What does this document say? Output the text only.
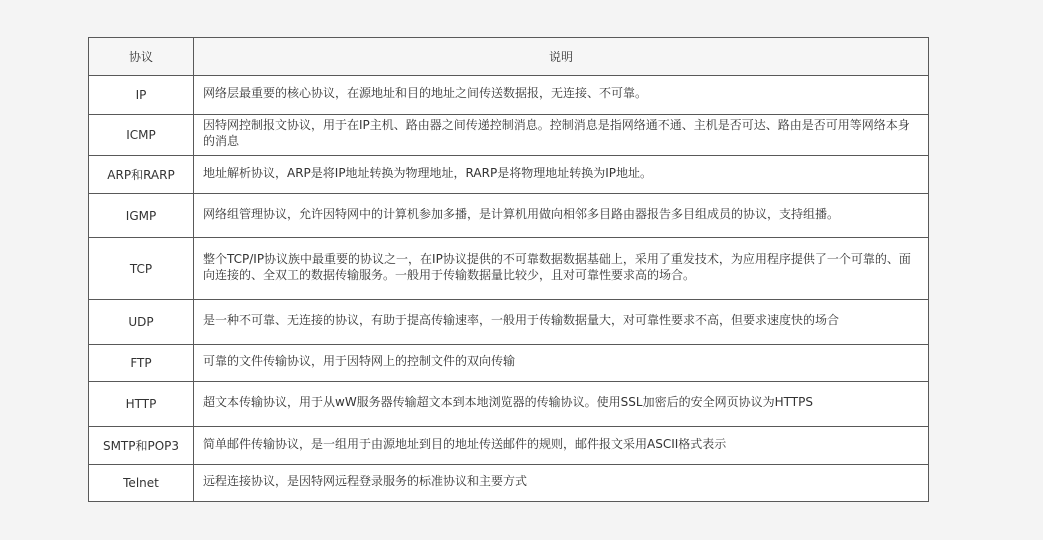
协议	说明
IP	网络层最重要的核心协议，在源地址和目的地址之间传送数据报，无连接、不可靠。

ICMP	因特网控制报文协议，用于在IP主机、路由器之间传递控制消息。控制消息是指网络通不通、主机是否可达、路由是否可用等网络本身的消息

ARP和RARP	地址解析协议，ARP是将IP地址转换为物理地址，RARP是将物理地址转换为IP地址。

IGMP	网络组管理协议，允许因特网中的计算机参加多播，是计算机用做向相邻多目路由器报告多目组成员的协议，支持组播。

TCP	整个TCP/IP协议族中最重要的协议之一，在IP协议提供的不可靠数据数据基础上，采用了重发技术，为应用程序提供了一个可靠的、面向连接的、全双工的数据传输服务。一般用于传输数据量比较少，且对可靠性要求高的场合。

UDP	是一种不可靠、无连接的协议，有助于提高传输速率，一般用于传输数据量大，对可靠性要求不高，但要求速度快的场合

FTP	可靠的文件传输协议，用于因特网上的控制文件的双向传输

HTTP	超文本传输协议，用于从wW服务器传输超文本到本地浏览器的传输协议。使用SSL加密后的安全网页协议为HTTPS

SMTP和POP3	简单邮件传输协议，是一组用于由源地址到目的地址传送邮件的规则，邮件报文采用ASCII格式表示

Telnet	远程连接协议，是因特网远程登录服务的标准协议和主要方式
